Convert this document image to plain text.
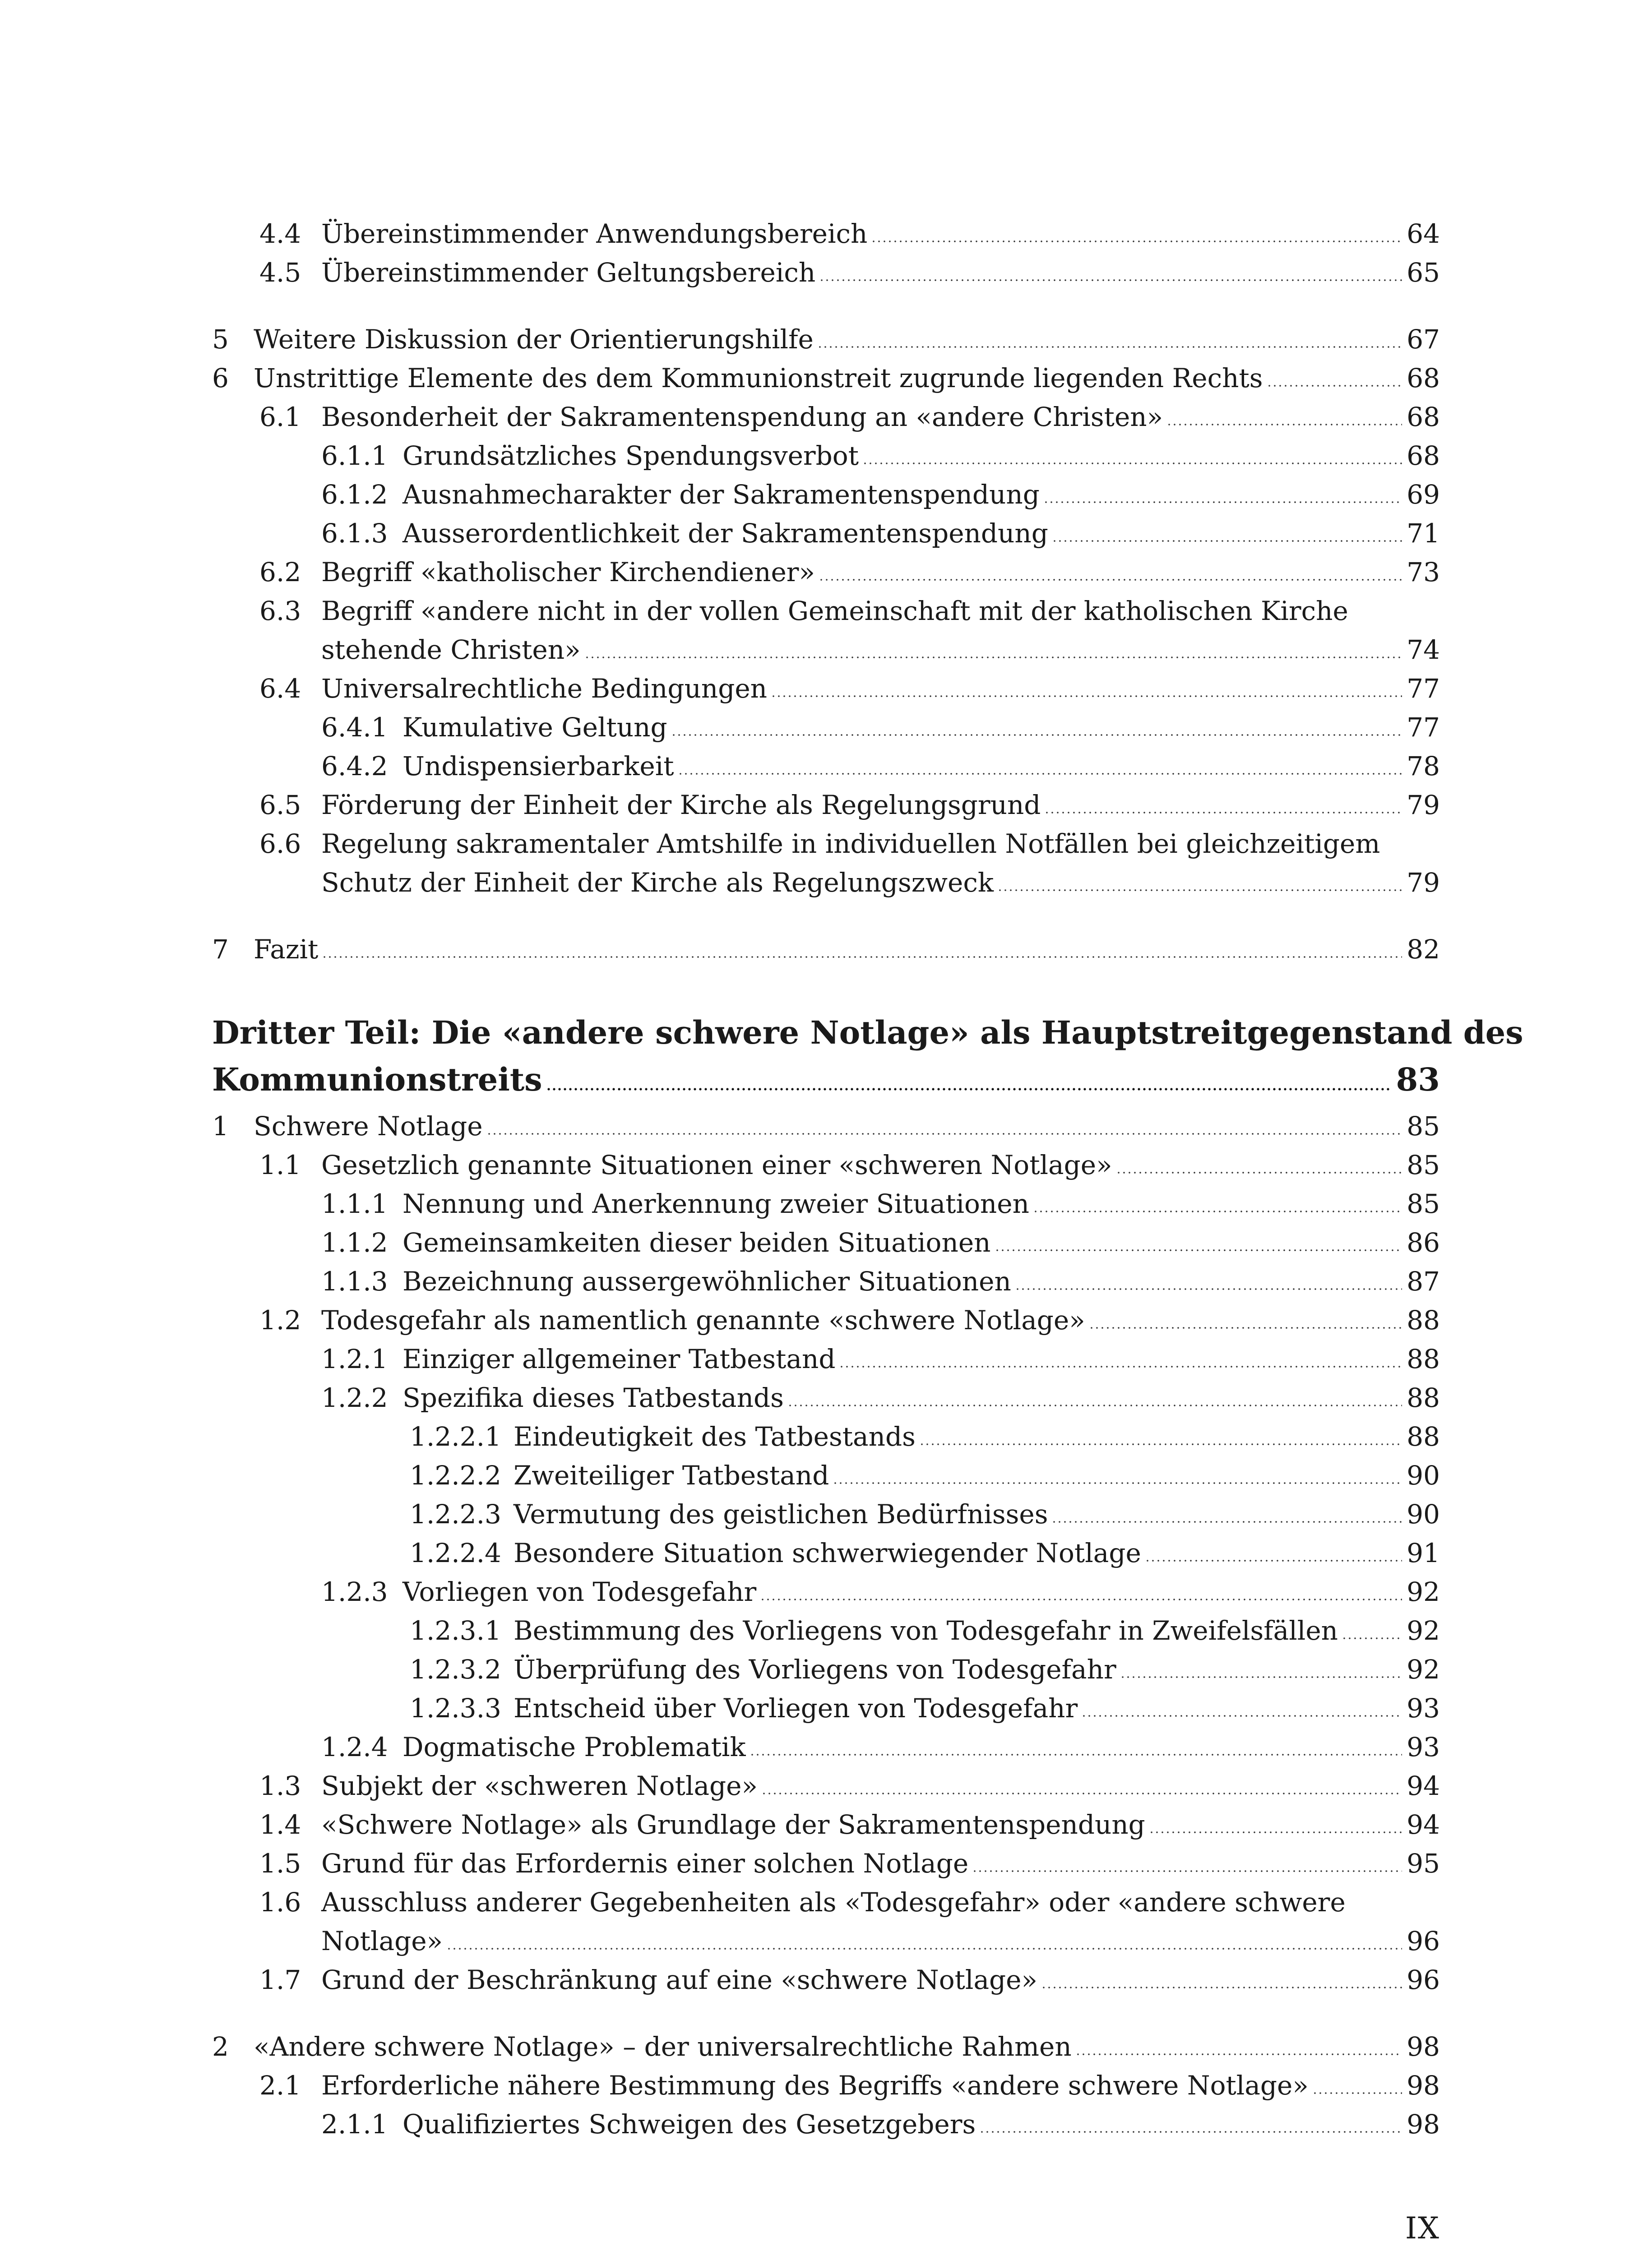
4.4 Übereinstimmender Anwendungsbereich	64
4.5 Übereinstimmender Geltungsbereich	65
5 Weitere Diskussion der Orientierungshilfe	67
6 Unstrittige Elemente des dem Kommunionstreit zugrunde liegenden Rechts	68
6.1 Besonderheit der Sakramentenspendung an «andere Christen»	68
6.1.1 Grundsätzliches Spendungsverbot	68
6.1.2 Ausnahmecharakter der Sakramentenspendung	69
6.1.3 Ausserordentlichkeit der Sakramentenspendung	71
6.2 Begriff «katholischer Kirchendiener»	73
6.3 Begriff «andere nicht in der vollen Gemeinschaft mit der katholischen Kirche
stehende Christen»	74
6.4 Universalrechtliche Bedingungen	77
6.4.1 Kumulative Geltung	77
6.4.2 Undispensierbarkeit	78
6.5 Förderung der Einheit der Kirche als Regelungsgrund	79
6.6 Regelung sakramentaler Amtshilfe in individuellen Notfällen bei gleichzeitigem
Schutz der Einheit der Kirche als Regelungszweck	79
7 Fazit	82
Dritter Teil: Die «andere schwere Notlage» als Hauptstreitgegenstand des
Kommunionstreits	83
1 Schwere Notlage	85
1.1 Gesetzlich genannte Situationen einer «schweren Notlage»	85
1.1.1 Nennung und Anerkennung zweier Situationen	85
1.1.2 Gemeinsamkeiten dieser beiden Situationen	86
1.1.3 Bezeichnung aussergewöhnlicher Situationen	87
1.2 Todesgefahr als namentlich genannte «schwere Notlage»	88
1.2.1 Einziger allgemeiner Tatbestand	88
1.2.2 Spezifika dieses Tatbestands	88
1.2.2.1 Eindeutigkeit des Tatbestands	88
1.2.2.2 Zweiteiliger Tatbestand	90
1.2.2.3 Vermutung des geistlichen Bedürfnisses	90
1.2.2.4 Besondere Situation schwerwiegender Notlage	91
1.2.3 Vorliegen von Todesgefahr	92
1.2.3.1 Bestimmung des Vorliegens von Todesgefahr in Zweifelsfällen	92
1.2.3.2 Überprüfung des Vorliegens von Todesgefahr	92
1.2.3.3 Entscheid über Vorliegen von Todesgefahr	93
1.2.4 Dogmatische Problematik	93
1.3 Subjekt der «schweren Notlage»	94
1.4 «Schwere Notlage» als Grundlage der Sakramentenspendung	94
1.5 Grund für das Erfordernis einer solchen Notlage	95
1.6 Ausschluss anderer Gegebenheiten als «Todesgefahr» oder «andere schwere
Notlage»	96
1.7 Grund der Beschränkung auf eine «schwere Notlage»	96
2 «Andere schwere Notlage» – der universalrechtliche Rahmen	98
2.1 Erforderliche nähere Bestimmung des Begriffs «andere schwere Notlage»	98
2.1.1 Qualifiziertes Schweigen des Gesetzgebers	98
IX
